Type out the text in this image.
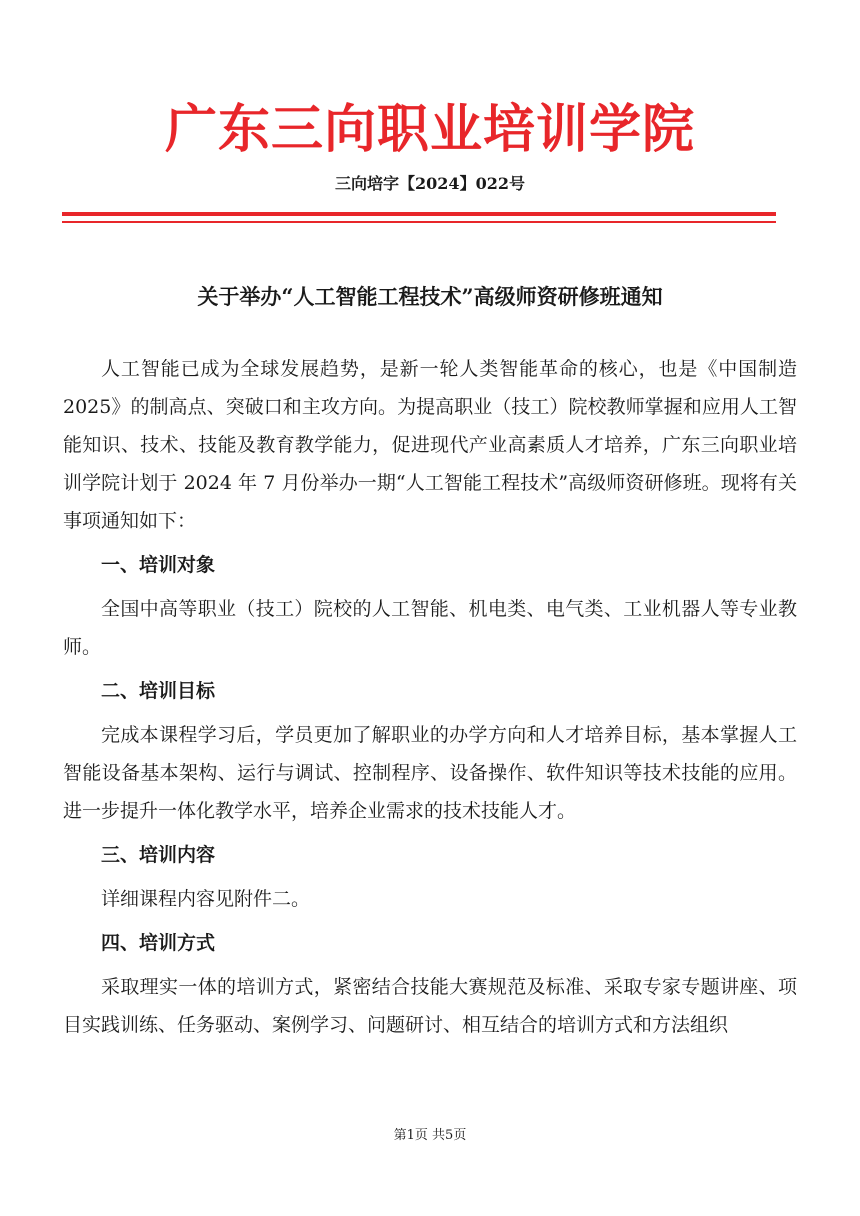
广东三向职业培训学院
三向培字【2024】022号
关于举办“人工智能工程技术”高级师资研修班通知

人工智能已成为全球发展趋势，是新一轮人类智能革命的核心，也是《中国制造 2025》的制高点、突破口和主攻方向。为提高职业（技工）院校教师掌握和应用人工智能知识、技术、技能及教育教学能力，促进现代产业高素质人才培养，广东三向职业培训学院计划于 2024 年 7 月份举办一期“人工智能工程技术”高级师资研修班。现将有关事项通知如下：

一、培训对象

全国中高等职业（技工）院校的人工智能、机电类、电气类、工业机器人等专业教师。

二、培训目标

完成本课程学习后，学员更加了解职业的办学方向和人才培养目标，基本掌握人工智能设备基本架构、运行与调试、控制程序、设备操作、软件知识等技术技能的应用。进一步提升一体化教学水平，培养企业需求的技术技能人才。

三、培训内容

详细课程内容见附件二。

四、培训方式

采取理实一体的培训方式，紧密结合技能大赛规范及标准、采取专家专题讲座、项目实践训练、任务驱动、案例学习、问题研讨、相互结合的培训方式和方法组织

第1页 共5页
